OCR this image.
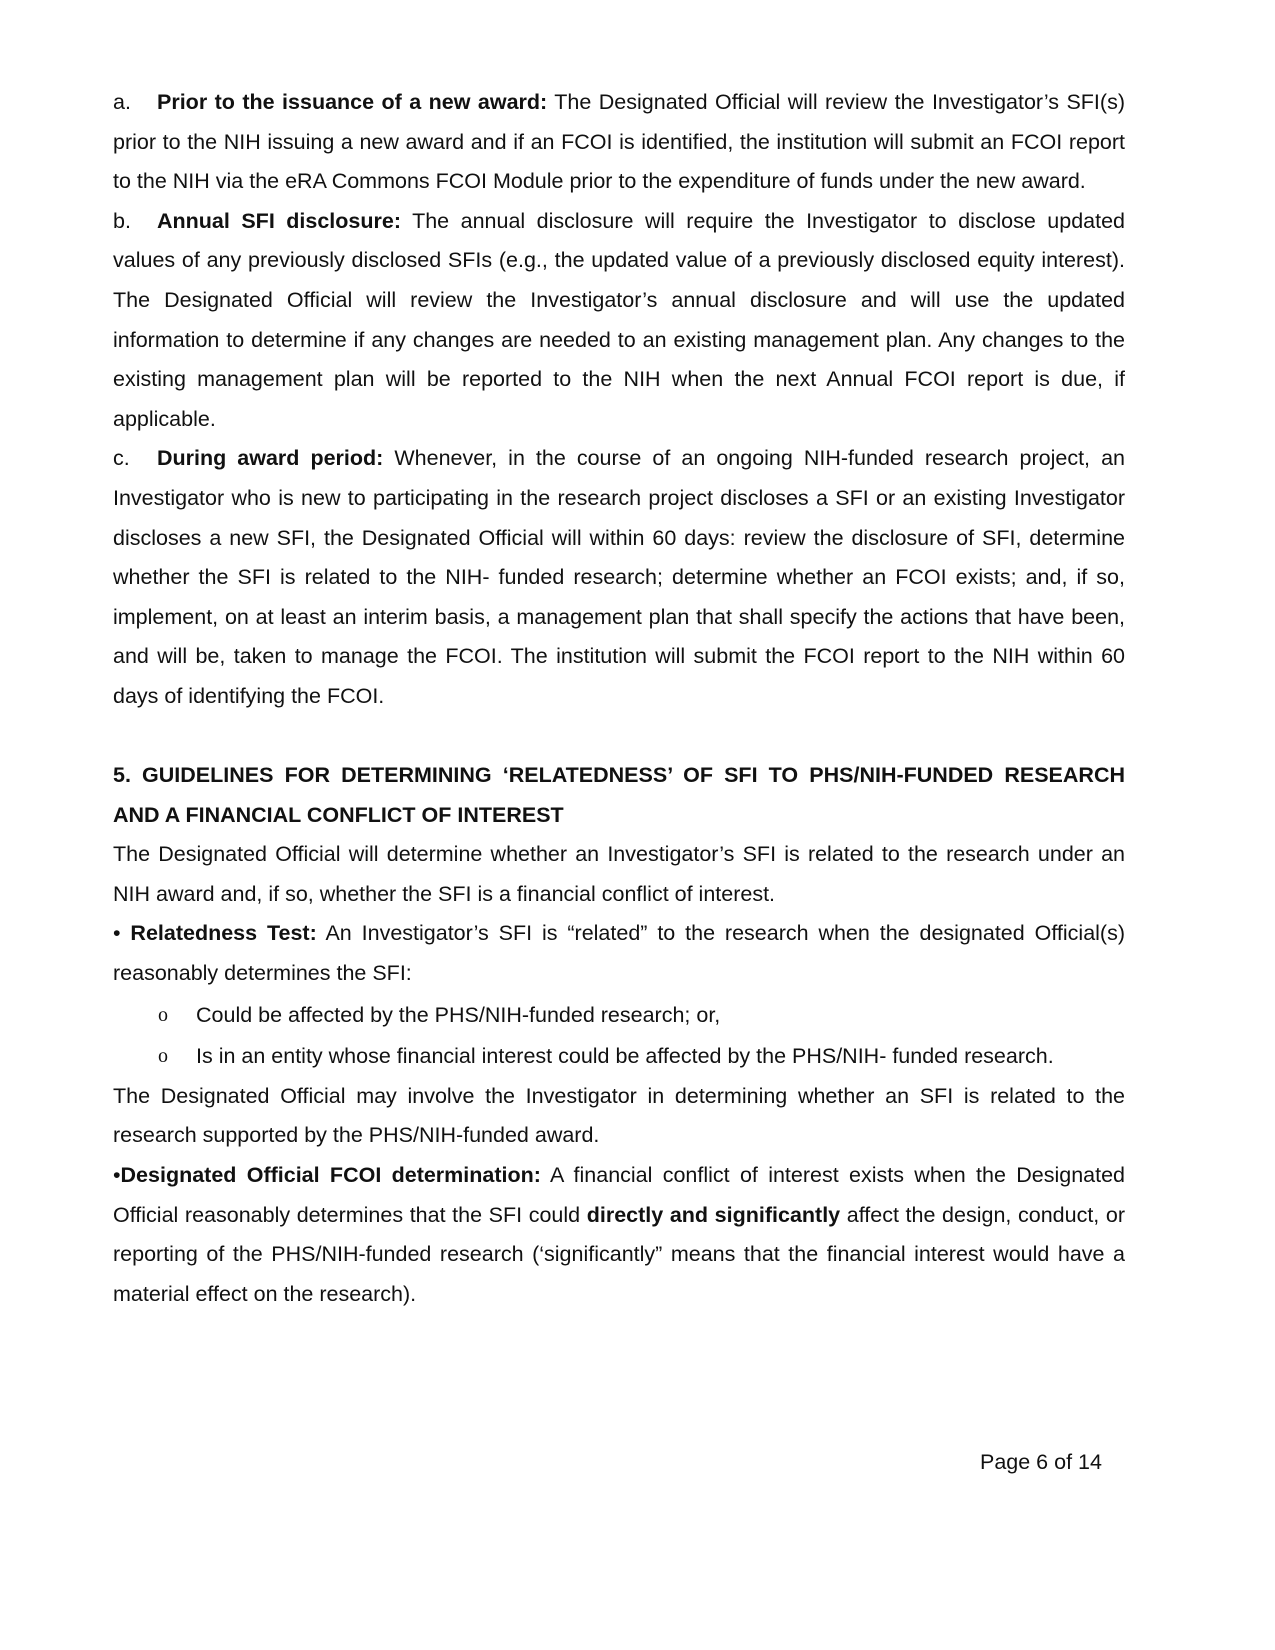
a. Prior to the issuance of a new award: The Designated Official will review the Investigator’s SFI(s) prior to the NIH issuing a new award and if an FCOI is identified, the institution will submit an FCOI report to the NIH via the eRA Commons FCOI Module prior to the expenditure of funds under the new award.

b. Annual SFI disclosure: The annual disclosure will require the Investigator to disclose updated values of any previously disclosed SFIs (e.g., the updated value of a previously disclosed equity interest). The Designated Official will review the Investigator’s annual disclosure and will use the updated information to determine if any changes are needed to an existing management plan. Any changes to the existing management plan will be reported to the NIH when the next Annual FCOI report is due, if applicable.

c. During award period: Whenever, in the course of an ongoing NIH-funded research project, an Investigator who is new to participating in the research project discloses a SFI or an existing Investigator discloses a new SFI, the Designated Official will within 60 days: review the disclosure of SFI, determine whether the SFI is related to the NIH- funded research; determine whether an FCOI exists; and, if so, implement, on at least an interim basis, a management plan that shall specify the actions that have been, and will be, taken to manage the FCOI. The institution will submit the FCOI report to the NIH within 60 days of identifying the FCOI.

5. GUIDELINES FOR DETERMINING ‘RELATEDNESS’ OF SFI TO PHS/NIH-FUNDED RESEARCH AND A FINANCIAL CONFLICT OF INTEREST

The Designated Official will determine whether an Investigator’s SFI is related to the research under an NIH award and, if so, whether the SFI is a financial conflict of interest.

• Relatedness Test: An Investigator’s SFI is “related” to the research when the designated Official(s) reasonably determines the SFI:

o Could be affected by the PHS/NIH-funded research; or,

o Is in an entity whose financial interest could be affected by the PHS/NIH- funded research.

The Designated Official may involve the Investigator in determining whether an SFI is related to the research supported by the PHS/NIH-funded award.

•Designated Official FCOI determination: A financial conflict of interest exists when the Designated Official reasonably determines that the SFI could directly and significantly affect the design, conduct, or reporting of the PHS/NIH-funded research (‘significantly” means that the financial interest would have a material effect on the research).

Page 6 of 14
